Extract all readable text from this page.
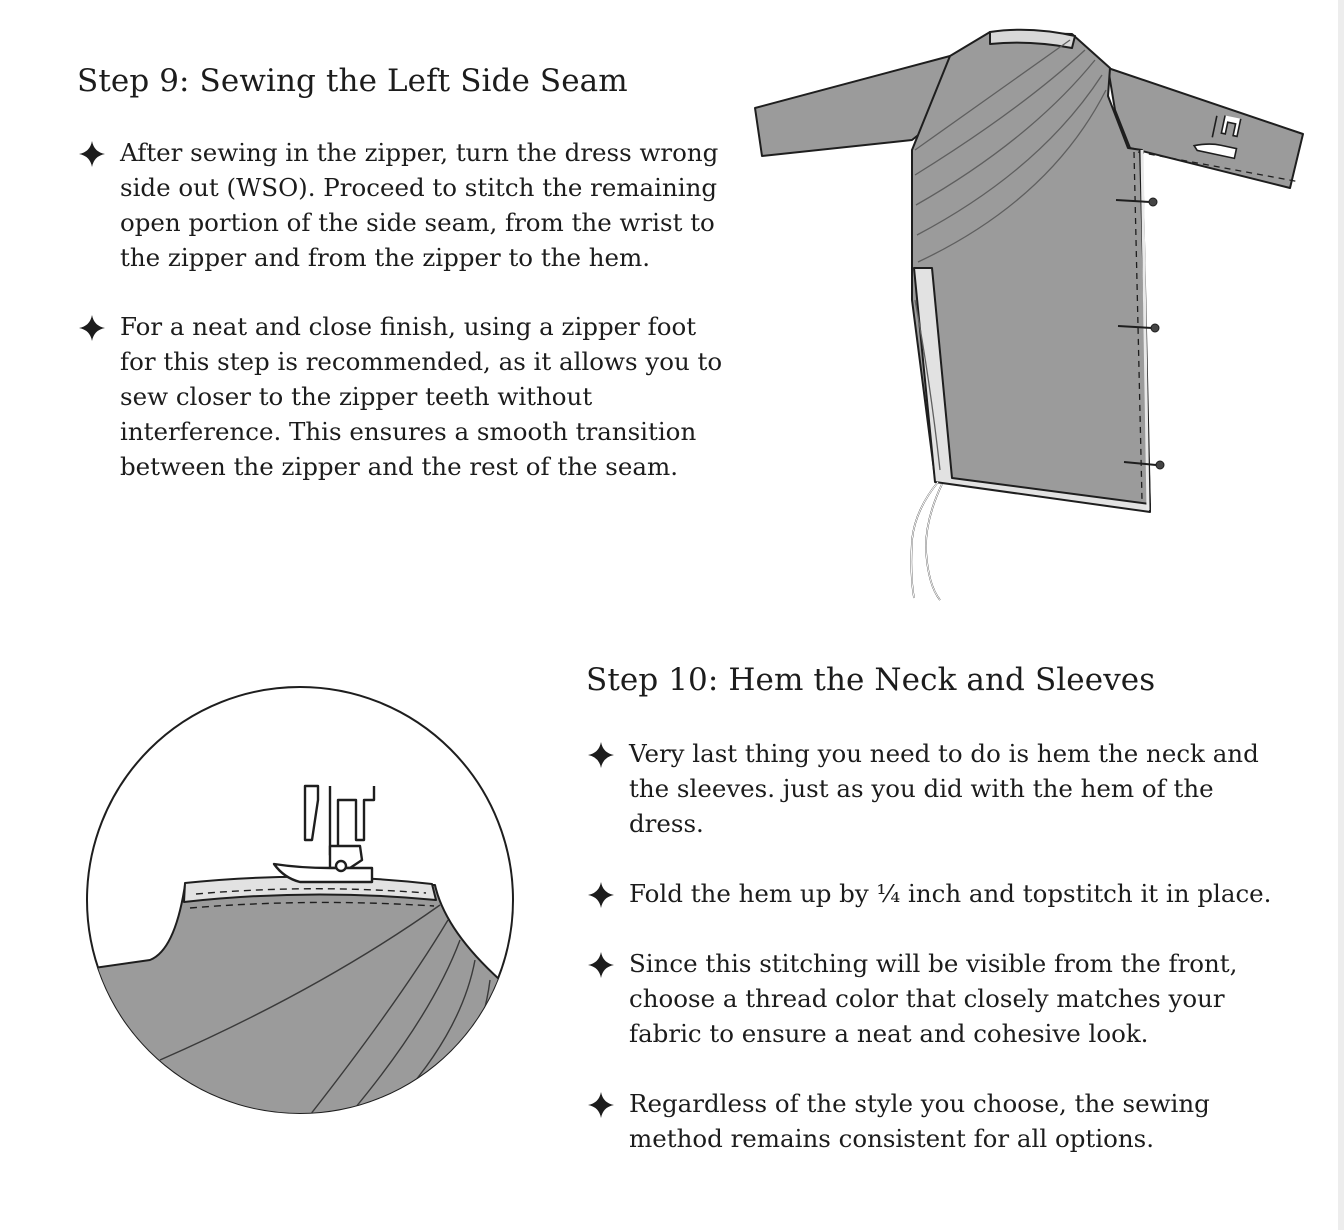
Step 9: Sewing the Left Side Seam
After sewing in the zipper, turn the dress wrong side out (WSO). Proceed to stitch the remaining open portion of the side seam, from the wrist to the zipper and from the zipper to the hem.
For a neat and close finish, using a zipper foot for this step is recommended, as it allows you to sew closer to the zipper teeth without interference. This ensures a smooth transition between the zipper and the rest of the seam.
Step 10: Hem the Neck and Sleeves
Very last thing you need to do is hem the neck and the sleeves. just as you did with the hem of the dress.
Fold the hem up by ¼ inch and topstitch it in place.
Since this stitching will be visible from the front, choose a thread color that closely matches your fabric to ensure a neat and cohesive look.
Regardless of the style you choose, the sewing method remains consistent for all options.
